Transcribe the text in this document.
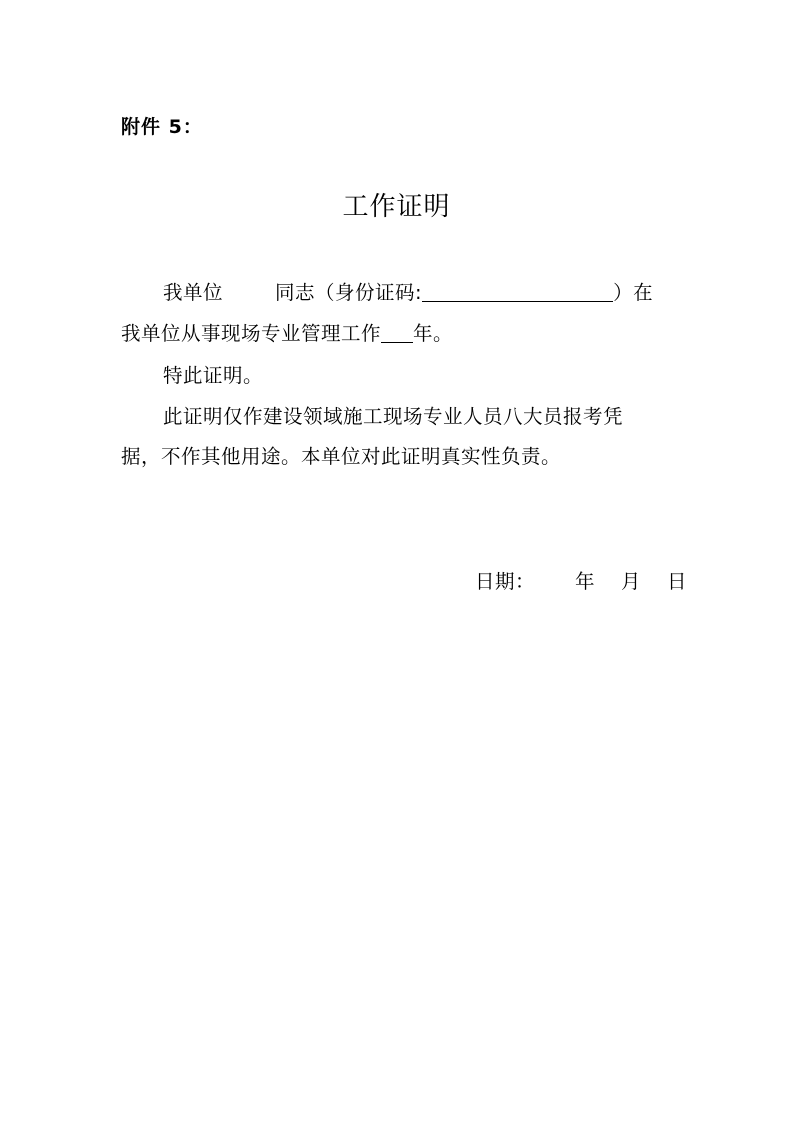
附件 5：
工作证明
我单位	同志（身份证码:	）在
我单位从事现场专业管理工作 年。
特此证明。
此证明仅作建设领域施工现场专业人员八大员报考凭
据，不作其他用途。本单位对此证明真实性负责。
日期： 年 月 日
